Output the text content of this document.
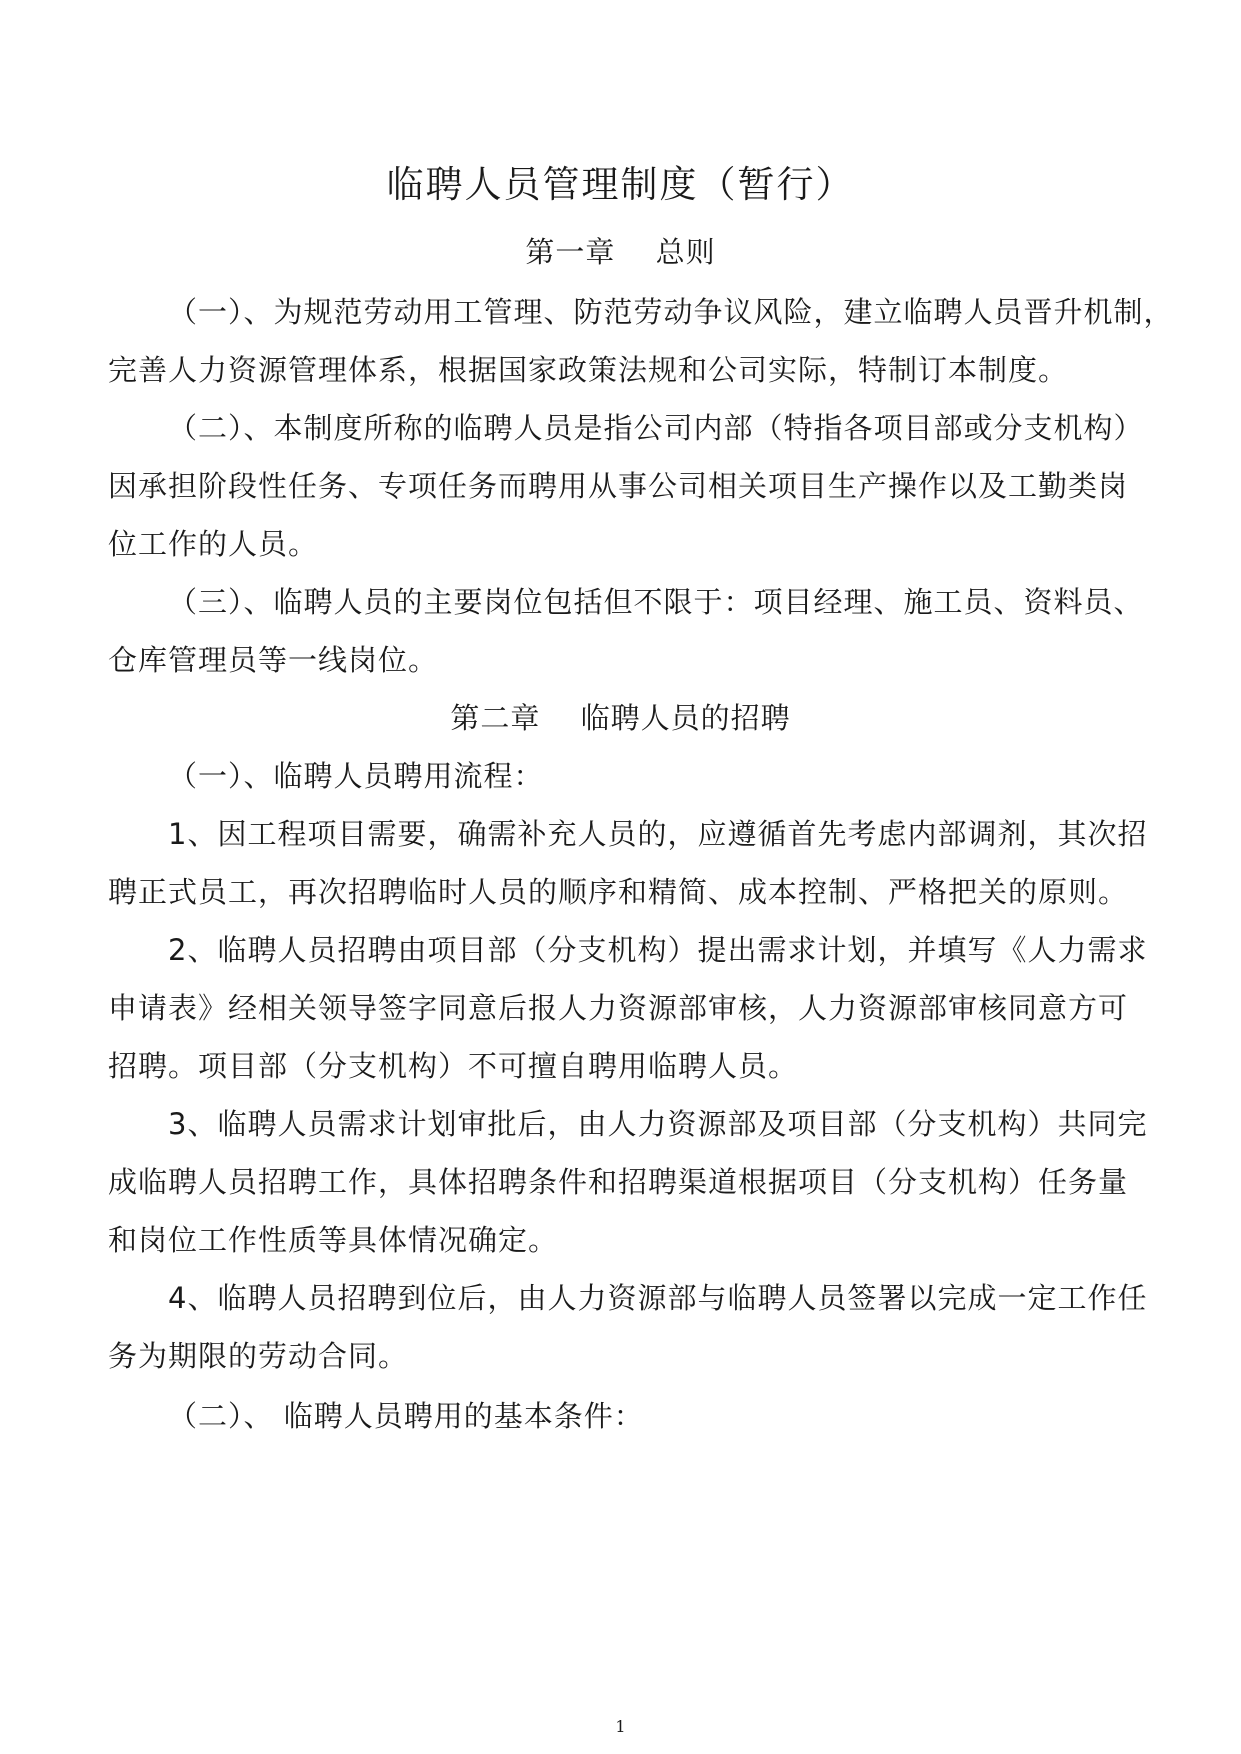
临聘人员管理制度（暂行）
第一章　 总则
（一）、为规范劳动用工管理、防范劳动争议风险，建立临聘人员晋升机制，
完善人力资源管理体系，根据国家政策法规和公司实际，特制订本制度。
（二）、本制度所称的临聘人员是指公司内部（特指各项目部或分支机构）
因承担阶段性任务、专项任务而聘用从事公司相关项目生产操作以及工勤类岗
位工作的人员。
（三）、临聘人员的主要岗位包括但不限于：项目经理、施工员、资料员、
仓库管理员等一线岗位。
第二章　 临聘人员的招聘
（一）、临聘人员聘用流程：
1、因工程项目需要，确需补充人员的，应遵循首先考虑内部调剂，其次招
聘正式员工，再次招聘临时人员的顺序和精简、成本控制、严格把关的原则。
2、临聘人员招聘由项目部（分支机构）提出需求计划，并填写《人力需求
申请表》经相关领导签字同意后报人力资源部审核，人力资源部审核同意方可
招聘。项目部（分支机构）不可擅自聘用临聘人员。
3、临聘人员需求计划审批后，由人力资源部及项目部（分支机构）共同完
成临聘人员招聘工作，具体招聘条件和招聘渠道根据项目（分支机构）任务量
和岗位工作性质等具体情况确定。
4、临聘人员招聘到位后，由人力资源部与临聘人员签署以完成一定工作任
务为期限的劳动合同。
（二）、 临聘人员聘用的基本条件：
1
